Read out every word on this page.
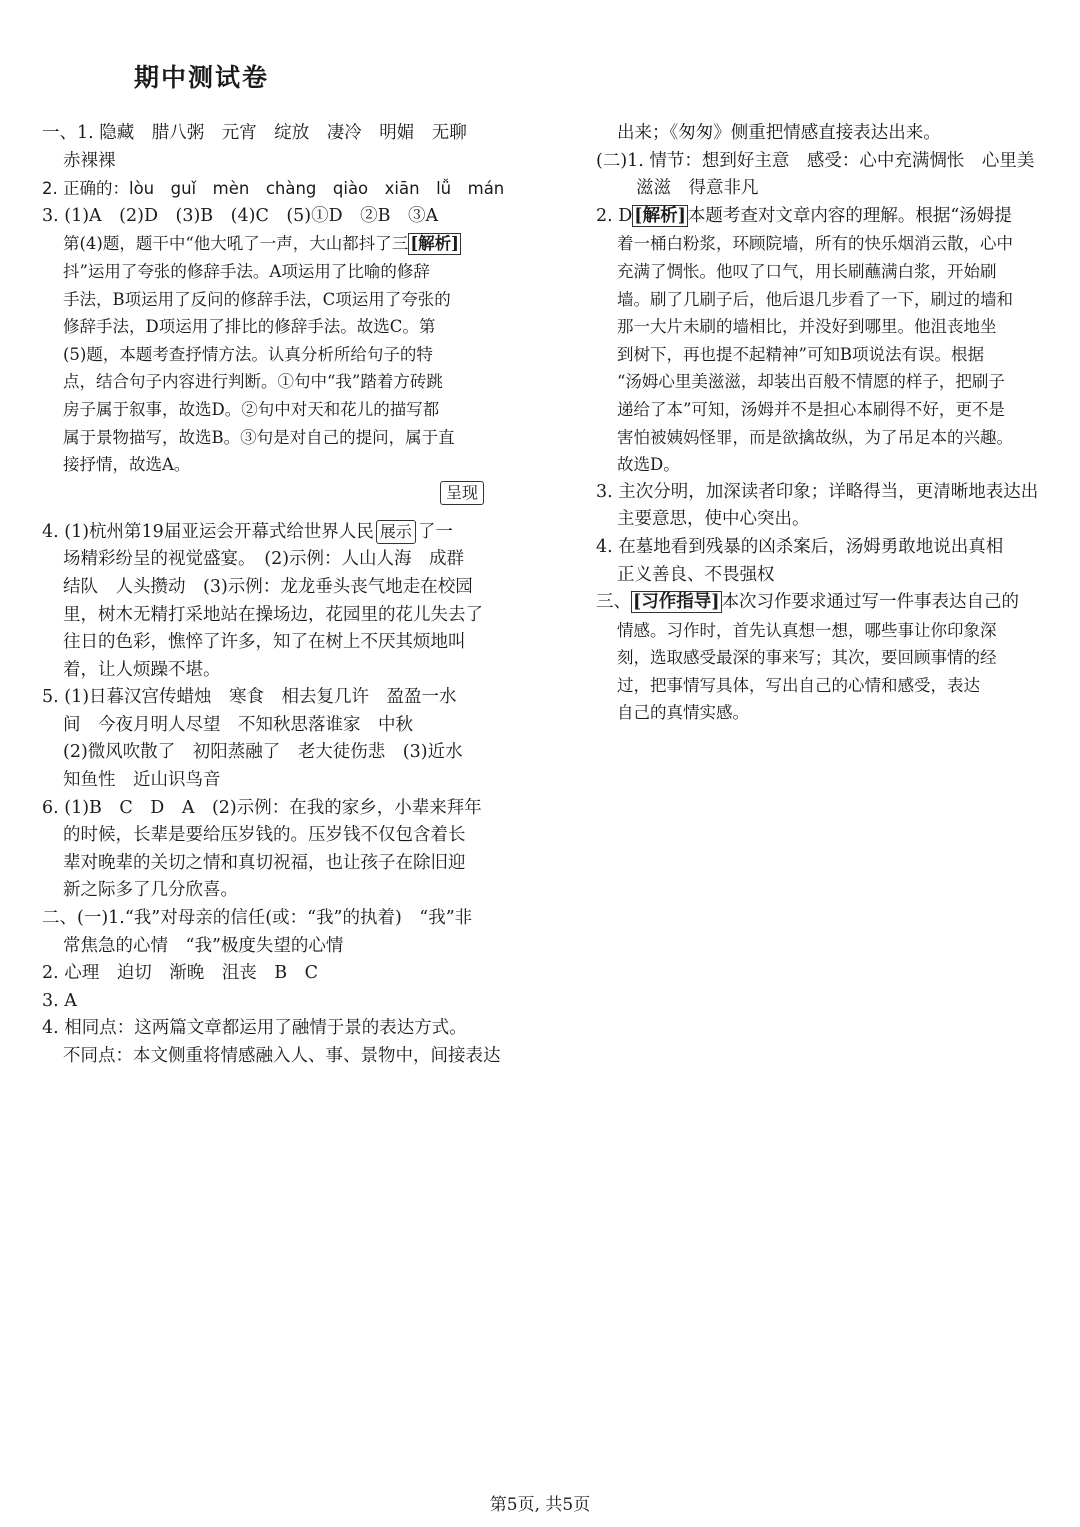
期中测试卷
一、1. 隐藏　腊八粥　元宵　绽放　凄冷　明媚　无聊
赤裸裸
2. 正确的：lòu　guǐ　mèn　chàng　qiào　xiān　lǚ　mán
3. (1)A　(2)D　(3)B　(4)C　(5)①D　②B　③A
第(4)题，题干中“他大吼了一声，大山都抖了三 [解析]
抖”运用了夸张的修辞手法。A项运用了比喻的修辞
手法，B项运用了反问的修辞手法，C项运用了夸张的
修辞手法，D项运用了排比的修辞手法。故选C。第
(5)题，本题考查抒情方法。认真分析所给句子的特
点，结合句子内容进行判断。①句中“我”踏着方砖跳
房子属于叙事，故选D。②句中对天和花儿的描写都
属于景物描写，故选B。③句是对自己的提问，属于直
接抒情，故选A。
4. (1)杭州第19届亚运会开幕式给世界人民 展示 了一
呈现
场精彩纷呈的视觉盛宴。　(2)示例：人山人海　成群
结队　人头攒动　(3)示例：龙龙垂头丧气地走在校园
里，树木无精打采地站在操场边，花园里的花儿失去了
往日的色彩，憔悴了许多，知了在树上不厌其烦地叫
着，让人烦躁不堪。
5. (1)日暮汉宫传蜡烛　寒食　相去复几许　盈盈一水
间　今夜月明人尽望　不知秋思落谁家　中秋
(2)微风吹散了　初阳蒸融了　老大徒伤悲　(3)近水
知鱼性　近山识鸟音
6. (1)B　C　D　A　(2)示例：在我的家乡，小辈来拜年
的时候，长辈是要给压岁钱的。压岁钱不仅包含着长
辈对晚辈的关切之情和真切祝福，也让孩子在除旧迎
新之际多了几分欣喜。
二、(一)1.“我”对母亲的信任(或：“我”的执着)　“我”非
常焦急的心情　“我”极度失望的心情
2. 心理　迫切　渐晚　沮丧　B　C
3. A
4. 相同点：这两篇文章都运用了融情于景的表达方式。
不同点：本文侧重将情感融入人、事、景物中，间接表达
出来；《匆匆》侧重把情感直接表达出来。
(二)1. 情节：想到好主意　感受：心中充满惆怅　心里美
滋滋　得意非凡
2. D [解析] 本题考查对文章内容的理解。根据“汤姆提
着一桶白粉浆，环顾院墙，所有的快乐烟消云散，心中
充满了惆怅。他叹了口气，用长刷蘸满白浆，开始刷
墙。刷了几刷子后，他后退几步看了一下，刷过的墙和
那一大片未刷的墙相比，并没好到哪里。他沮丧地坐
到树下，再也提不起精神”可知B项说法有误。根据
“汤姆心里美滋滋，却装出百般不情愿的样子，把刷子
递给了本”可知，汤姆并不是担心本刷得不好，更不是
害怕被姨妈怪罪，而是欲擒故纵，为了吊足本的兴趣。
故选D。
3. 主次分明，加深读者印象；详略得当，更清晰地表达出
主要意思，使中心突出。
4. 在墓地看到残暴的凶杀案后，汤姆勇敢地说出真相
正义善良、不畏强权
三、 [习作指导] 本次习作要求通过写一件事表达自己的
情感。习作时，首先认真想一想，哪些事让你印象深
刻，选取感受最深的事来写；其次，要回顾事情的经
过，把事情写具体，写出自己的心情和感受，表达
自己的真情实感。
第5页, 共5页
